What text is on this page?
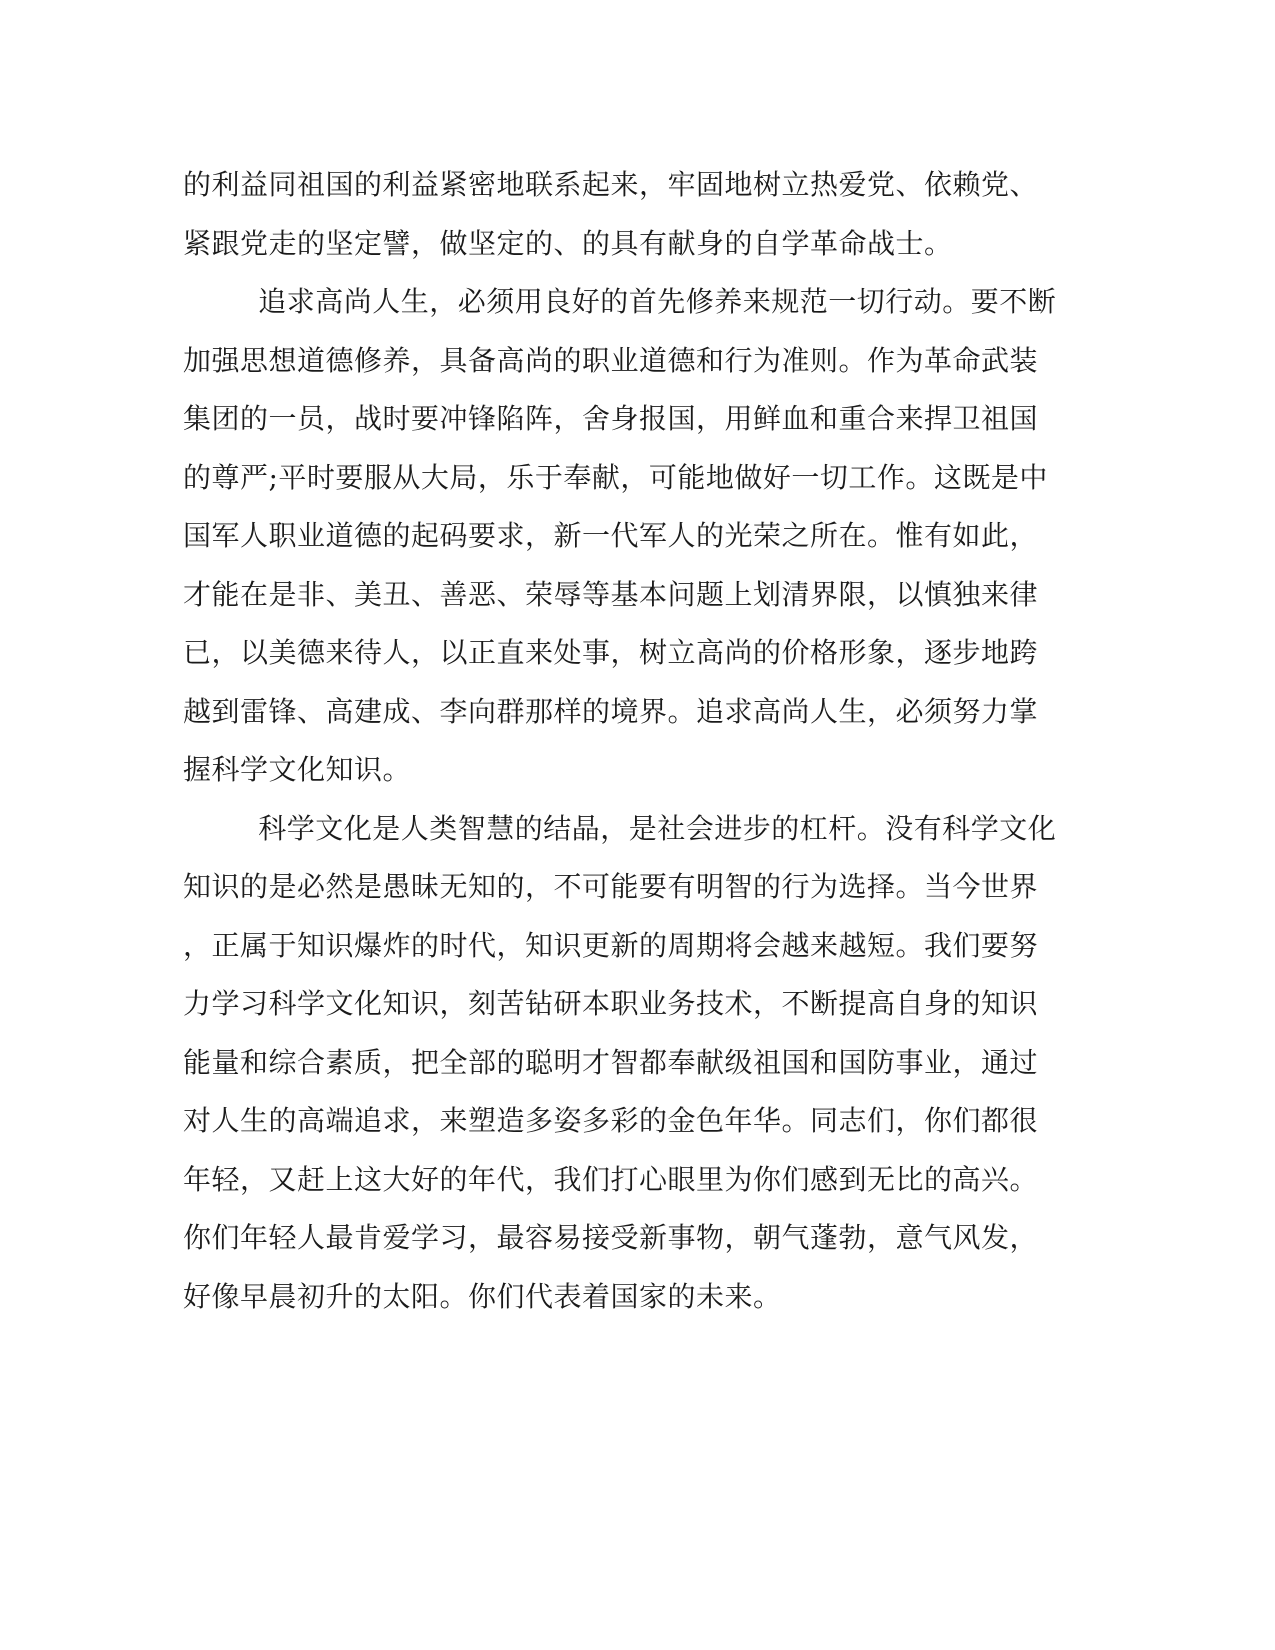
的利益同祖国的利益紧密地联系起来，牢固地树立热爱党、依赖党、
紧跟党走的坚定譬，做坚定的、的具有献身的自学革命战士。
追求高尚人生，必须用良好的首先修养来规范一切行动。要不断
加强思想道德修养，具备高尚的职业道德和行为准则。作为革命武装
集团的一员，战时要冲锋陷阵，舍身报国，用鲜血和重合来捍卫祖国
的尊严;平时要服从大局，乐于奉献，可能地做好一切工作。这既是中
国军人职业道德的起码要求，新一代军人的光荣之所在。惟有如此，
才能在是非、美丑、善恶、荣辱等基本问题上划清界限，以慎独来律
已，以美德来待人，以正直来处事，树立高尚的价格形象，逐步地跨
越到雷锋、高建成、李向群那样的境界。追求高尚人生，必须努力掌
握科学文化知识。
科学文化是人类智慧的结晶，是社会进步的杠杆。没有科学文化
知识的是必然是愚昧无知的，不可能要有明智的行为选择。当今世界
，正属于知识爆炸的时代，知识更新的周期将会越来越短。我们要努
力学习科学文化知识，刻苦钻研本职业务技术，不断提高自身的知识
能量和综合素质，把全部的聪明才智都奉献级祖国和国防事业，通过
对人生的高端追求，来塑造多姿多彩的金色年华。同志们，你们都很
年轻，又赶上这大好的年代，我们打心眼里为你们感到无比的高兴。
你们年轻人最肯爱学习，最容易接受新事物，朝气蓬勃，意气风发，
好像早晨初升的太阳。你们代表着国家的未来。
